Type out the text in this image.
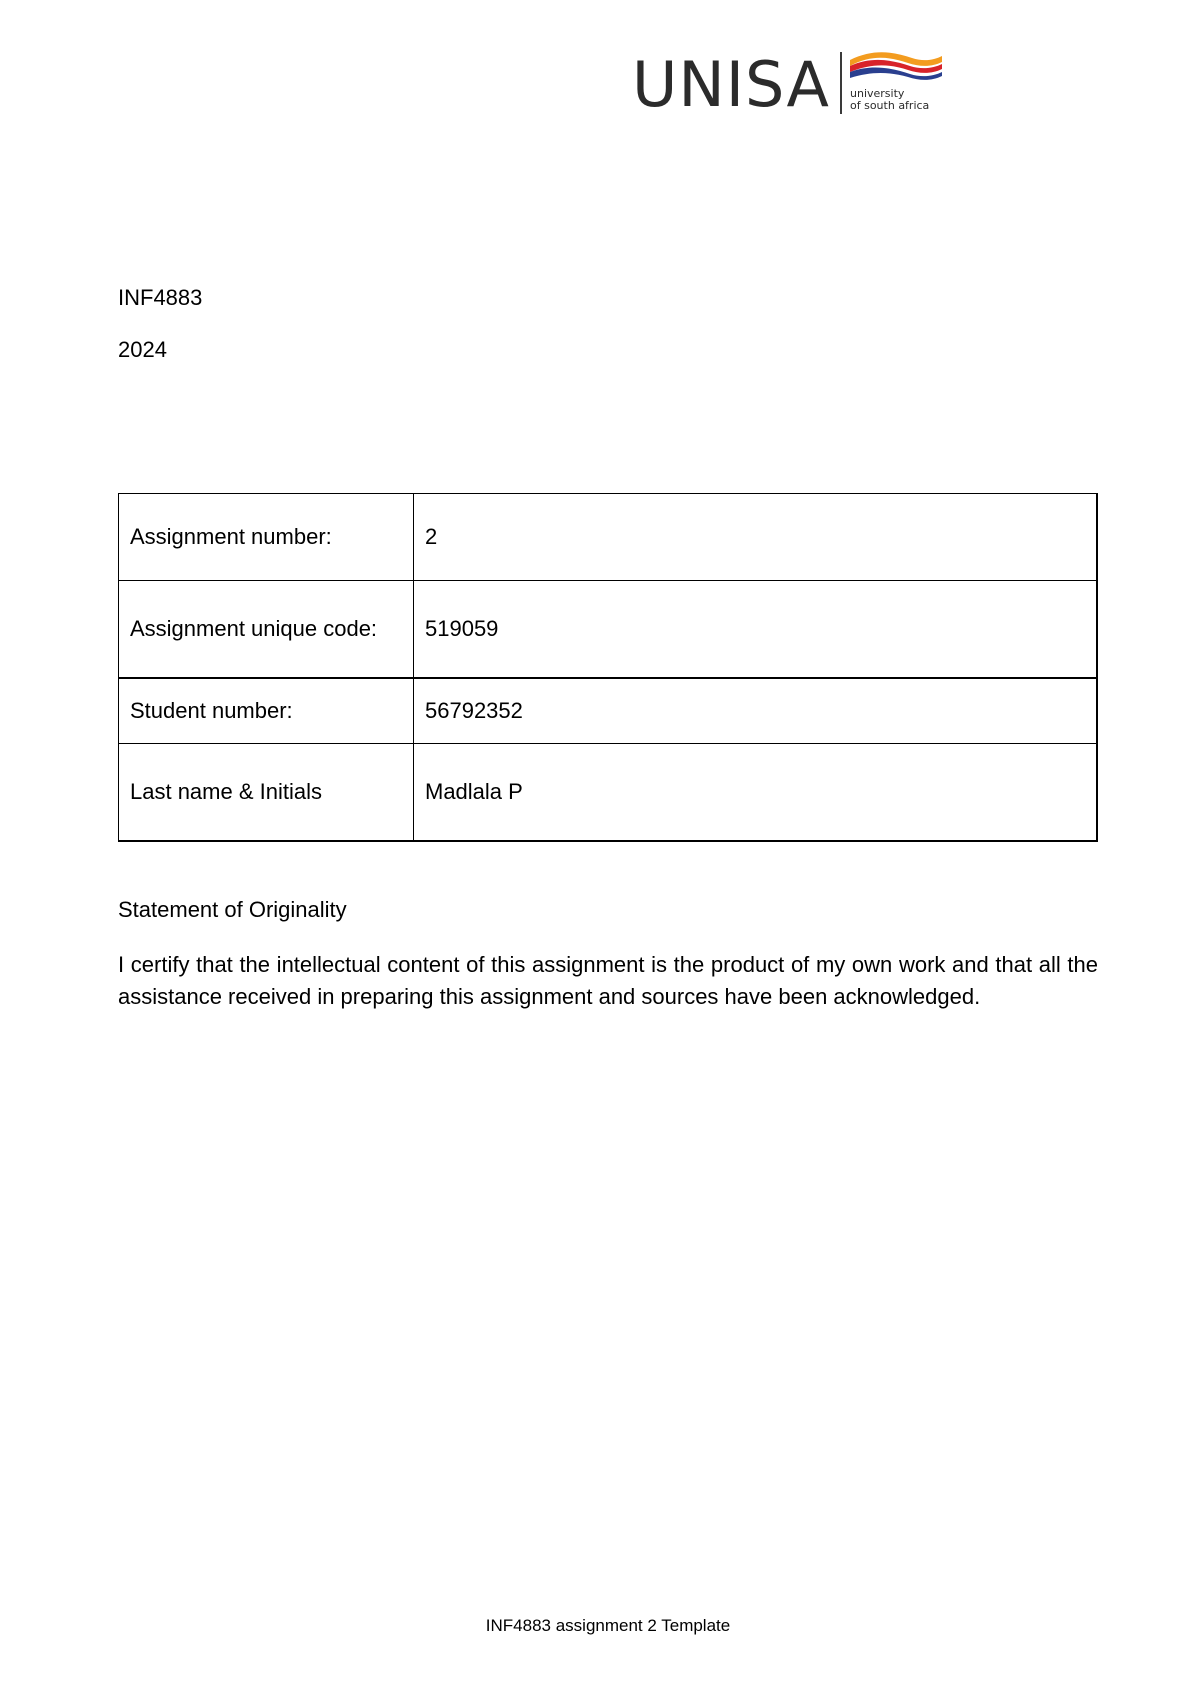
UNISA university
of south africa
INF4883
2024
Assignment number:	2
Assignment unique code:	519059
Student number:	56792352
Last name & Initials	Madlala P
Statement of Originality
I certify that the intellectual content of this assignment is the product of my own work and that all the assistance received in preparing this assignment and sources have been acknowledged.
INF4883 assignment 2 Template
